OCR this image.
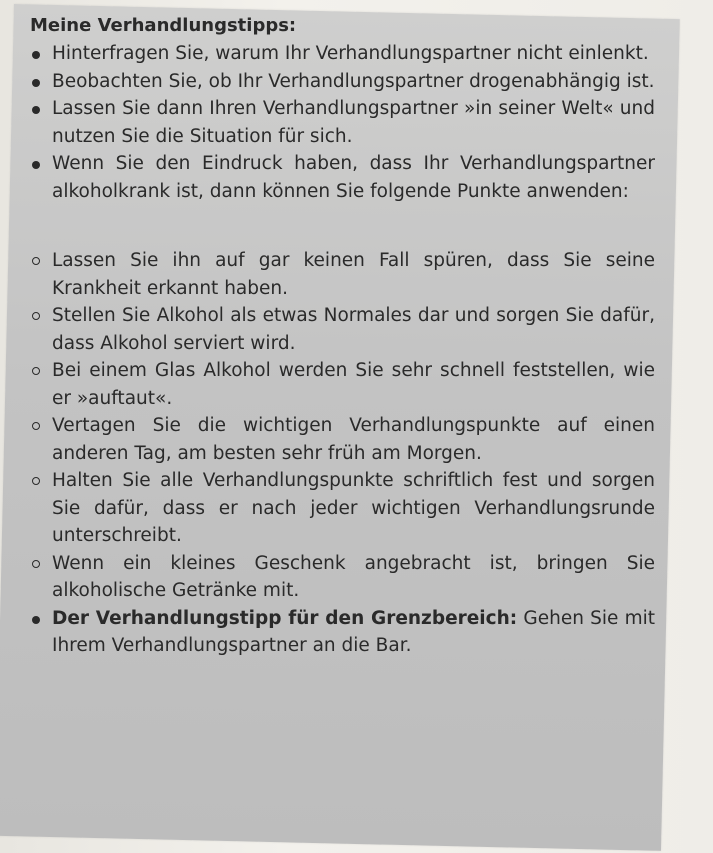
Meine Verhandlungstipps:
Hinterfragen Sie, warum Ihr Verhandlungspartner nicht einlenkt.
Beobachten Sie, ob Ihr Verhandlungspartner drogenabhängig ist.
Lassen Sie dann Ihren Verhandlungspartner »in seiner Welt« und nutzen Sie die Situation für sich.
Wenn Sie den Eindruck haben, dass Ihr Verhandlungspartner alkoholkrank ist, dann können Sie folgende Punkte anwenden:
Lassen Sie ihn auf gar keinen Fall spüren, dass Sie seine Krankheit erkannt haben.
Stellen Sie Alkohol als etwas Normales dar und sorgen Sie dafür, dass Alkohol serviert wird.
Bei einem Glas Alkohol werden Sie sehr schnell feststellen, wie er »auftaut«.
Vertagen Sie die wichtigen Verhandlungspunkte auf einen anderen Tag, am besten sehr früh am Morgen.
Halten Sie alle Verhandlungspunkte schriftlich fest und sorgen Sie dafür, dass er nach jeder wichtigen Verhandlungsrunde unterschreibt.
Wenn ein kleines Geschenk angebracht ist, bringen Sie alkoholische Getränke mit.
Der Verhandlungstipp für den Grenzbereich: Gehen Sie mit Ihrem Verhandlungspartner an die Bar.
